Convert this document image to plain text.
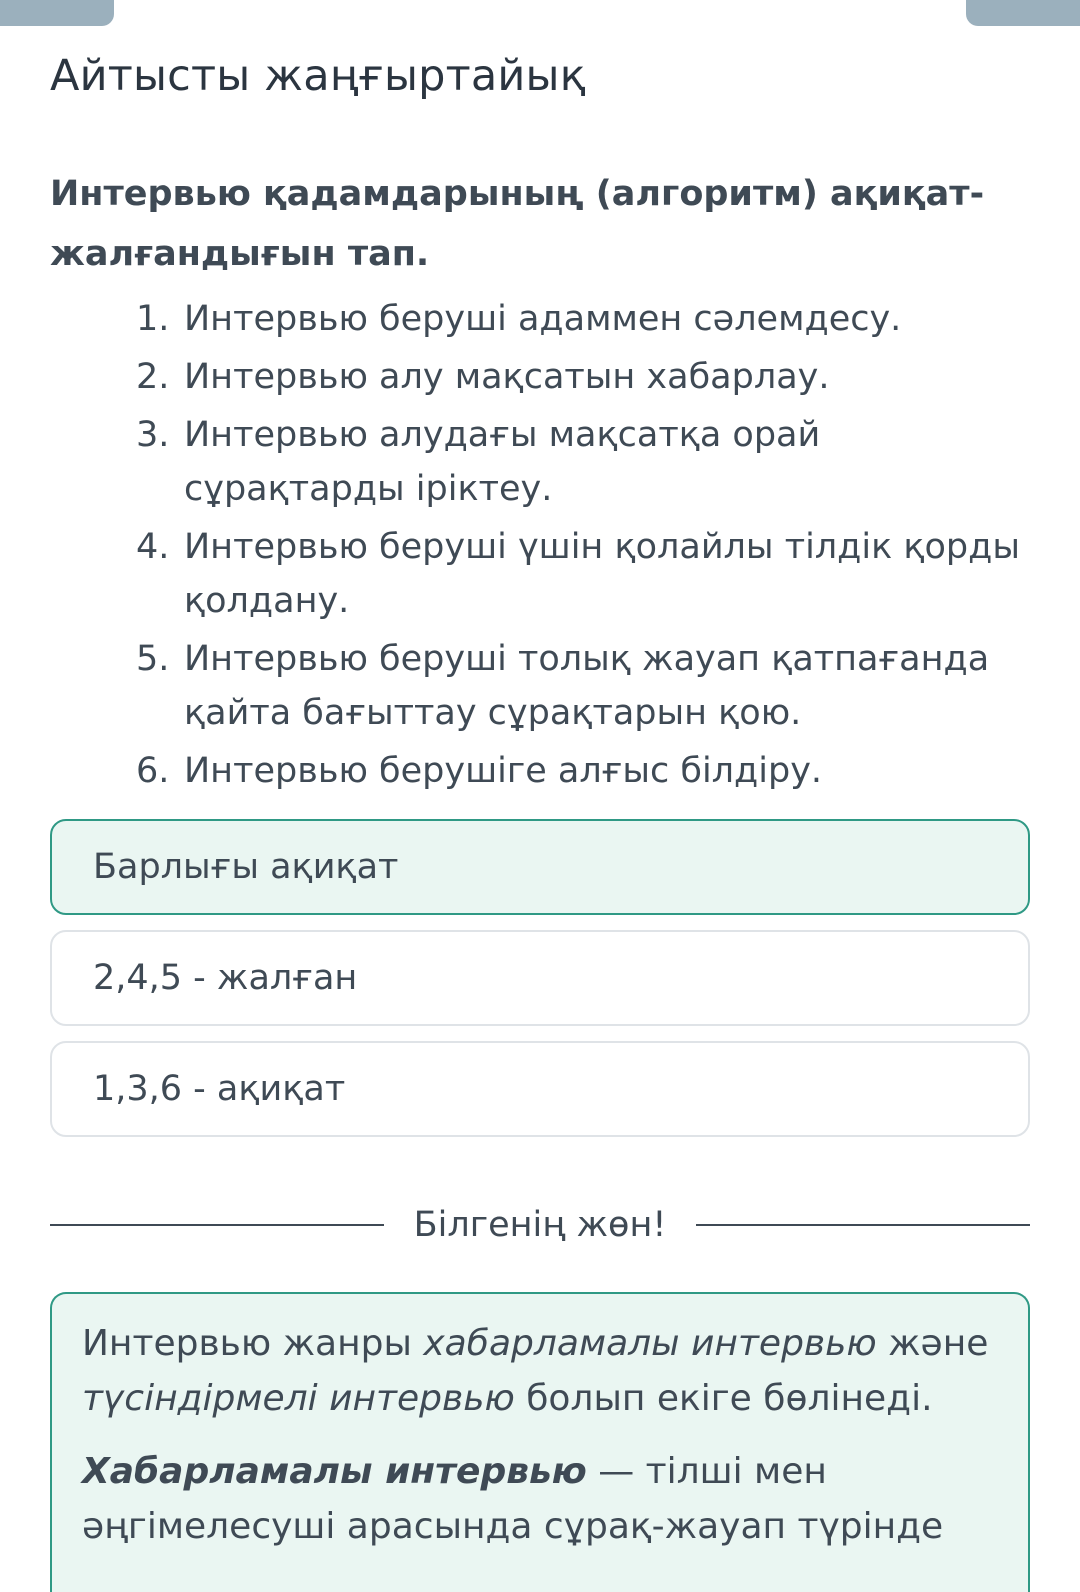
Айтысты жаңғыртайық
Интервью қадамдарының (алгоритм) ақиқат-жалғандығын тап.
1. Интервью беруші адаммен сәлемдесу.
2. Интервью алу мақсатын хабарлау.
3. Интервью алудағы мақсатқа орай сұрақтарды іріктеу.
4. Интервью беруші үшін қолайлы тілдік қорды қолдану.
5. Интервью беруші толық жауап қатпағанда қайта бағыттау сұрақтарын қою.
6. Интервью берушіге алғыс білдіру.
Барлығы ақиқат
2,4,5 - жалған
1,3,6 - ақиқат
Білгенің жөн!

Интервью жанры хабарламалы интервью және түсіндірмелі интервью болып екіге бөлінеді.

Хабарламалы интервью — тілші мен әңгімелесуші арасында сұрақ-жауап түрінде
